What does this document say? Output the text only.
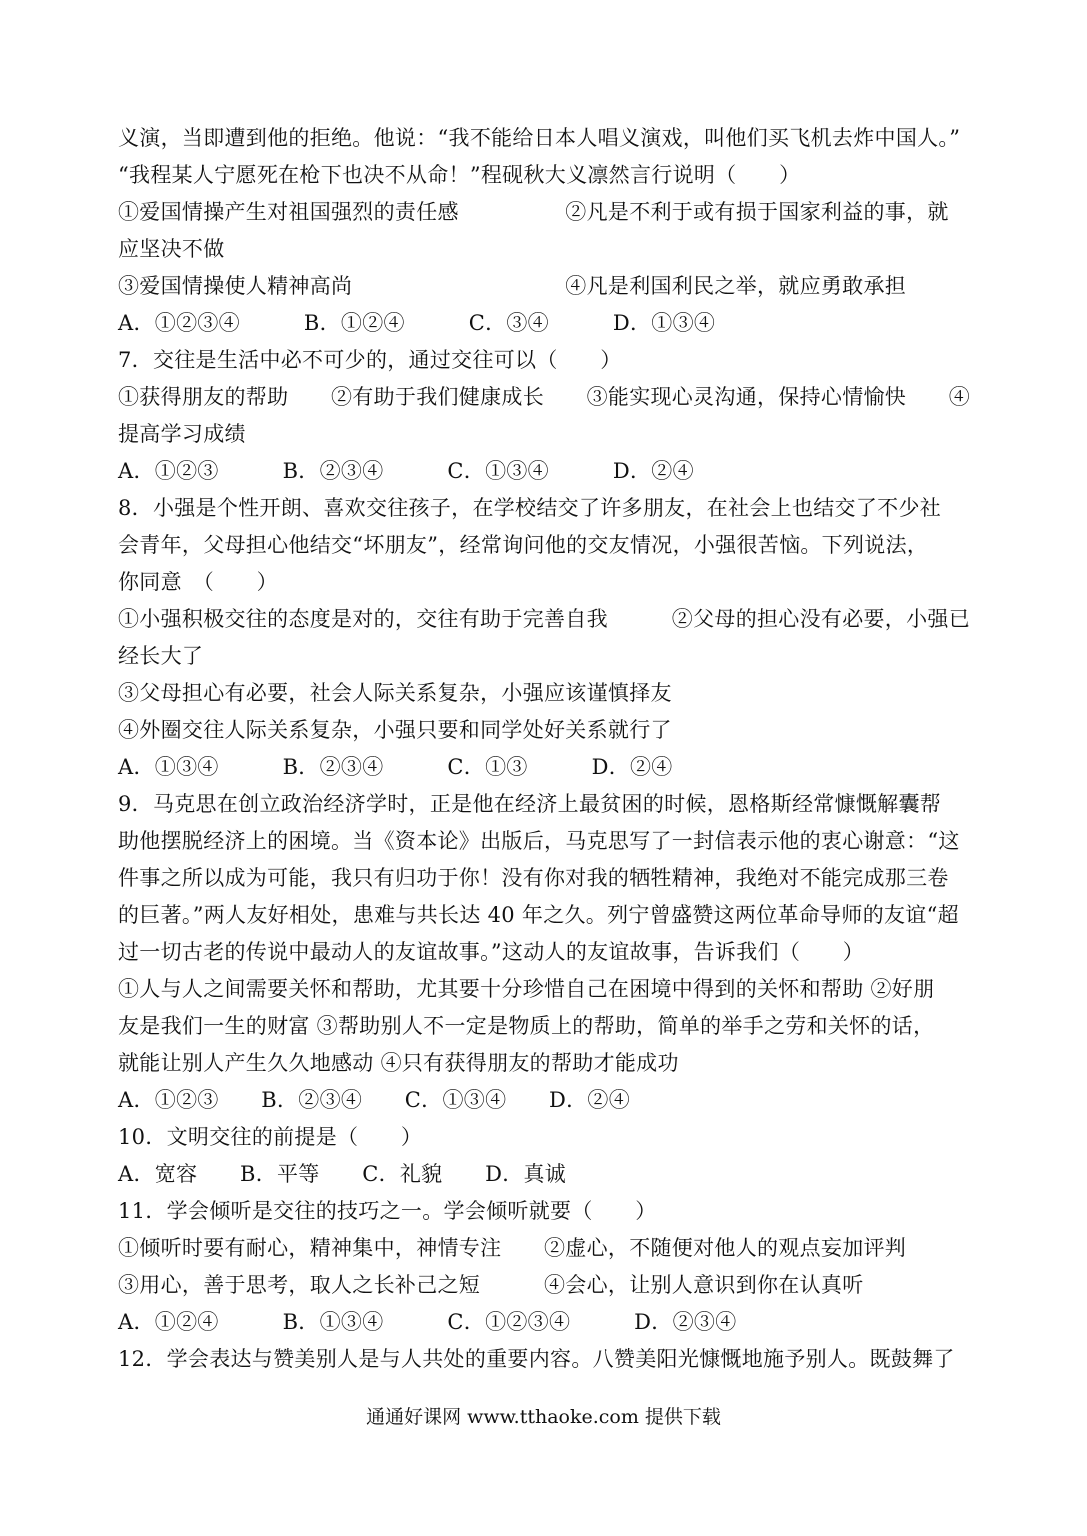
义演，当即遭到他的拒绝。他说：“我不能给日本人唱义演戏，叫他们买飞机去炸中国人。”
“我程某人宁愿死在枪下也决不从命！”程砚秋大义凛然言行说明（　　）
①爱国情操产生对祖国强烈的责任感　　　　　②凡是不利于或有损于国家利益的事，就
应坚决不做
③爱国情操使人精神高尚　　　　　　　　　　④凡是利国利民之举，就应勇敢承担
A．①②③④　　　B．①②④　　　C．③④　　　D．①③④
7．交往是生活中必不可少的，通过交往可以（　　）
①获得朋友的帮助　　②有助于我们健康成长　　③能实现心灵沟通，保持心情愉快　　④
提高学习成绩
A．①②③　　　B．②③④　　　C．①③④　　　D．②④
8．小强是个性开朗、喜欢交往孩子，在学校结交了许多朋友，在社会上也结交了不少社
会青年，父母担心他结交“坏朋友”，经常询问他的交友情况，小强很苦恼。下列说法，
你同意　（　　）
①小强积极交往的态度是对的，交往有助于完善自我　　　②父母的担心没有必要，小强已
经长大了
③父母担心有必要，社会人际关系复杂，小强应该谨慎择友
④外圈交往人际关系复杂，小强只要和同学处好关系就行了
A．①③④　　　B．②③④　　　C．①③　　　D．②④
9．马克思在创立政治经济学时，正是他在经济上最贫困的时候，恩格斯经常慷慨解囊帮
助他摆脱经济上的困境。当《资本论》出版后，马克思写了一封信表示他的衷心谢意：“这
件事之所以成为可能，我只有归功于你！没有你对我的牺牲精神，我绝对不能完成那三卷
的巨著。”两人友好相处，患难与共长达 40 年之久。列宁曾盛赞这两位革命导师的友谊“超
过一切古老的传说中最动人的友谊故事。”这动人的友谊故事，告诉我们（　　）
①人与人之间需要关怀和帮助，尤其要十分珍惜自己在困境中得到的关怀和帮助 ②好朋
友是我们一生的财富 ③帮助别人不一定是物质上的帮助，简单的举手之劳和关怀的话，
就能让别人产生久久地感动 ④只有获得朋友的帮助才能成功
A．①②③　　B．②③④　　C．①③④　　D．②④
10．文明交往的前提是（　　）
A．宽容　　B．平等　　C．礼貌　　D．真诚
11．学会倾听是交往的技巧之一。学会倾听就要（　　）
①倾听时要有耐心，精神集中，神情专注　　②虚心，不随便对他人的观点妄加评判
③用心，善于思考，取人之长补己之短　　　④会心，让别人意识到你在认真听
A．①②④　　　B．①③④　　　C．①②③④　　　D．②③④
12．学会表达与赞美别人是与人共处的重要内容。八赞美阳光慷慨地施予别人。既鼓舞了
通通好课网 www.tthaoke.com 提供下载
